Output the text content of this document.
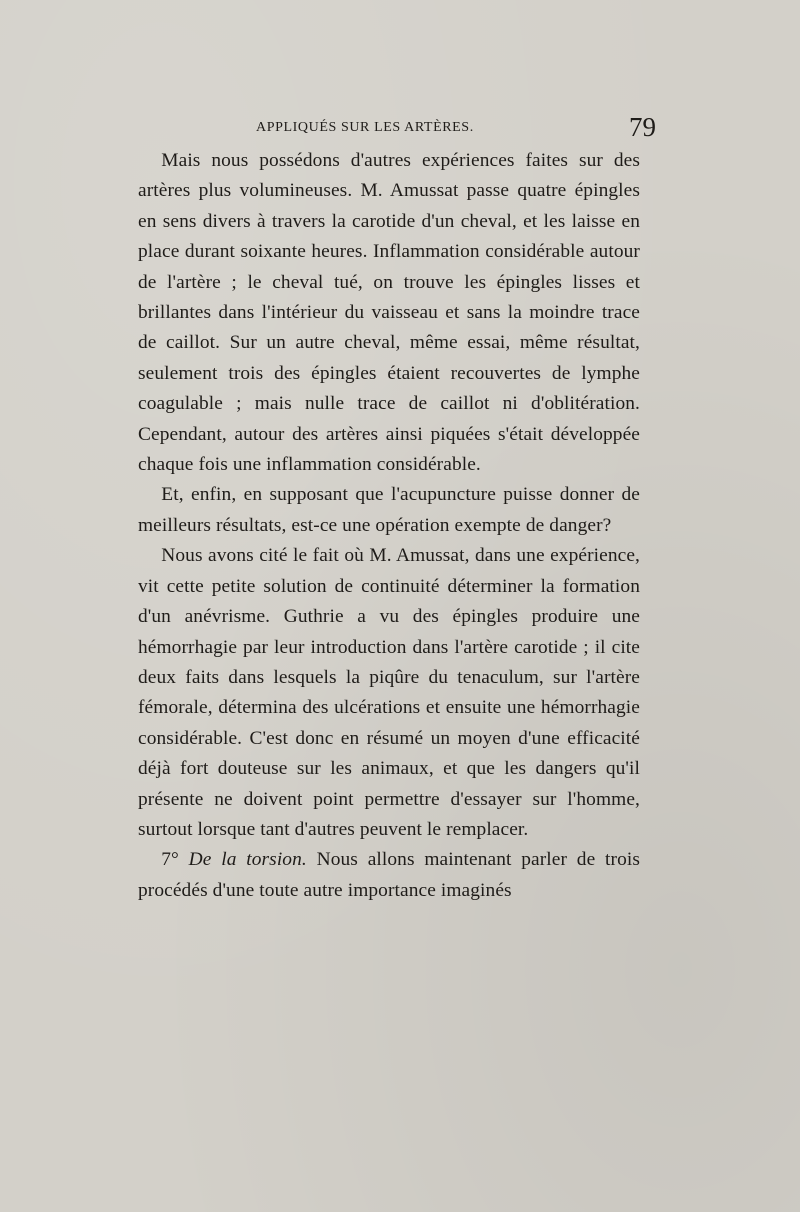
APPLIQUÉS SUR LES ARTÈRES.	79

Mais nous possédons d'autres expériences faites sur des artères plus volumineuses. M. Amussat passe quatre épingles en sens divers à travers la carotide d'un cheval, et les laisse en place durant soixante heures. Inflammation considérable autour de l'artère ; le cheval tué, on trouve les épingles lisses et brillantes dans l'intérieur du vaisseau et sans la moindre trace de caillot. Sur un autre cheval, même essai, même résultat, seulement trois des épingles étaient recouvertes de lymphe coagulable ; mais nulle trace de caillot ni d'oblitération. Cependant, autour des artères ainsi piquées s'était développée chaque fois une inflammation considérable.

Et, enfin, en supposant que l'acupuncture puisse donner de meilleurs résultats, est-ce une opération exempte de danger?

Nous avons cité le fait où M. Amussat, dans une expérience, vit cette petite solution de continuité déterminer la formation d'un anévrisme. Guthrie a vu des épingles produire une hémorrhagie par leur introduction dans l'artère carotide ; il cite deux faits dans lesquels la piqûre du tenaculum, sur l'artère fémorale, détermina des ulcérations et ensuite une hémorrhagie considérable. C'est donc en résumé un moyen d'une efficacité déjà fort douteuse sur les animaux, et que les dangers qu'il présente ne doivent point permettre d'essayer sur l'homme, surtout lorsque tant d'autres peuvent le remplacer.

7° De la torsion. Nous allons maintenant parler de trois procédés d'une toute autre importance imaginés
